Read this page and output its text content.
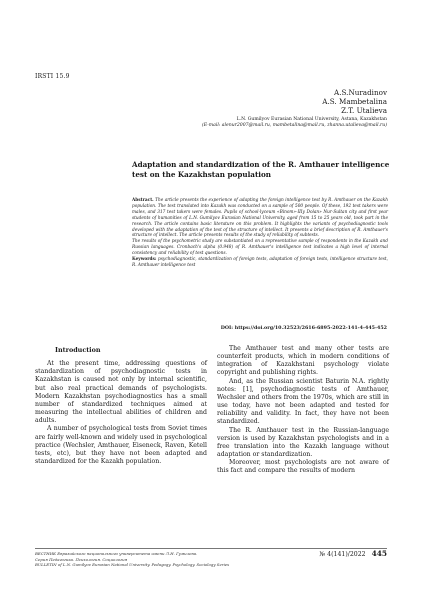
IRSTI 15.9
A.S.Nuradinov
A.S. Mambetalina
Z.T. Utalieva
L.N. Gumilyov Eurasian National University, Astana, Kazakhstan
(E-mail: alenur2007@mail.ru, mambetalina@mail.ru, zhanna.utalieva@mail.ru)
Adaptation and standardization of the R. Amthauer intelligence test on the Kazakhstan population
Abstract. The article presents the experience of adapting the foreign intelligence test by R. Amthauer on the Kazakh population. The test translated into Kazakh was conducted on a sample of 500 people. Of these, 192 test takers were males, and 317 test takers were females. Pupils of school-lyceum «Binom»-IIIy Dolan» Nur-Sultan city and first year students of humanities of L.N. Gumilyov Eurasian National University, aged from 15 to 25 years old, took part in the research. The article contains basic literature on this problem. It highlights the variants of psychodiagnostic tools developed with the adaptation of the test of the structure of intellect. It presents a brief description of R. Amthauer's structure of intellect. The article presents results of the study of reliability of subtests.
The results of the psychometric study are substantiated on a representative sample of respondents in the Kazakh and Russian languages. Cronbach's alpha (0.948) of R. Amthauer's intelligence test indicates a high level of internal consistency and reliability of test questions.
Keywords: psychodiagnostic, standardization of foreign tests, adaptation of foreign tests, intelligence structure test, R. Amthauer intelligence test
DOI: https://doi.org/10.32523/2616-6895-2022-141-4-445-452

Introduction

At the present time, addressing questions of standardization of psychodiagnostic tests in Kazakhstan is caused not only by internal scientific, but also real practical demands of psychologists. Modern Kazakhstan psychodiagnostics has a small number of standardized techniques aimed at measuring the intellectual abilities of children and adults.

A number of psychological tests from Soviet times are fairly well-known and widely used in psychological practice (Wechsler, Amthauer, Eiseneck, Raven, Ketell tests, etc), but they have not been adapted and standardized for the Kazakh population.

The Amthauer test and many other tests are counterfeit products, which in modern conditions of integration of Kazakhstani psychology violate copyright and publishing rights.

And, as the Russian scientist Baturin N.A. rightly notes: [1], psychodiagnostic tests of Amthauer, Wechsler and others from the 1970s, which are still in use today, have not been adapted and tested for reliability and validity. In fact, they have not been standardized.

The R. Amthauer test in the Russian-language version is used by Kazakhstan psychologists and in a free translation into the Kazakh language without adaptation or standardization.

Moreover, most psychologists are not aware of this fact and compare the results of modern

ВЕСТНИК Евразийского национального университета имени Л.Н. Гумилева.
Серия Педагогика. Психология. Социология
BULLETIN of L.N. Gumilyov Eurasian National University. Pedagogy. Psychology. Sociology Series
№ 4(141)/2022 445
